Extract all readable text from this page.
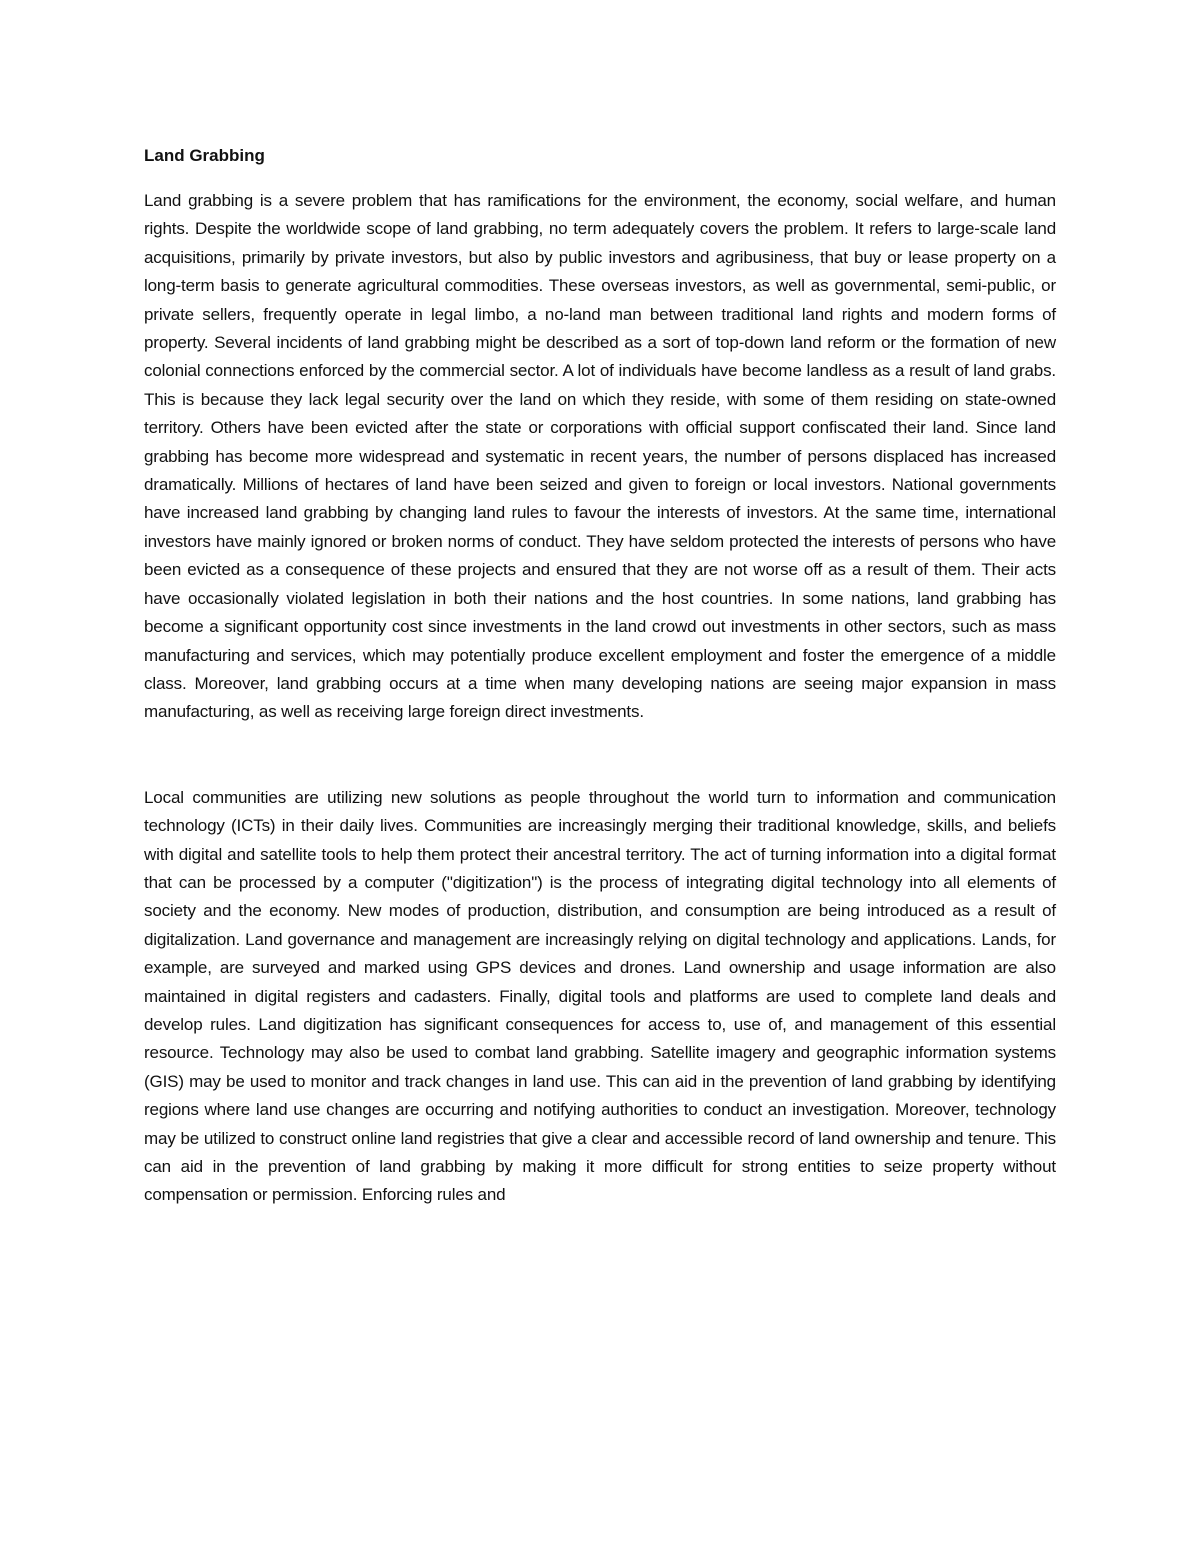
Land Grabbing

Land grabbing is a severe problem that has ramifications for the environment, the economy, social welfare, and human rights. Despite the worldwide scope of land grabbing, no term adequately covers the problem. It refers to large-scale land acquisitions, primarily by private investors, but also by public investors and agribusiness, that buy or lease property on a long-term basis to generate agricultural commodities. These overseas investors, as well as governmental, semi-public, or private sellers, frequently operate in legal limbo, a no-land man between traditional land rights and modern forms of property. Several incidents of land grabbing might be described as a sort of top-down land reform or the formation of new colonial connections enforced by the commercial sector. A lot of individuals have become landless as a result of land grabs. This is because they lack legal security over the land on which they reside, with some of them residing on state-owned territory. Others have been evicted after the state or corporations with official support confiscated their land. Since land grabbing has become more widespread and systematic in recent years, the number of persons displaced has increased dramatically. Millions of hectares of land have been seized and given to foreign or local investors. National governments have increased land grabbing by changing land rules to favour the interests of investors. At the same time, international investors have mainly ignored or broken norms of conduct. They have seldom protected the interests of persons who have been evicted as a consequence of these projects and ensured that they are not worse off as a result of them. Their acts have occasionally violated legislation in both their nations and the host countries. In some nations, land grabbing has become a significant opportunity cost since investments in the land crowd out investments in other sectors, such as mass manufacturing and services, which may potentially produce excellent employment and foster the emergence of a middle class. Moreover, land grabbing occurs at a time when many developing nations are seeing major expansion in mass manufacturing, as well as receiving large foreign direct investments.

Local communities are utilizing new solutions as people throughout the world turn to information and communication technology (ICTs) in their daily lives. Communities are increasingly merging their traditional knowledge, skills, and beliefs with digital and satellite tools to help them protect their ancestral territory. The act of turning information into a digital format that can be processed by a computer ("digitization") is the process of integrating digital technology into all elements of society and the economy. New modes of production, distribution, and consumption are being introduced as a result of digitalization. Land governance and management are increasingly relying on digital technology and applications. Lands, for example, are surveyed and marked using GPS devices and drones. Land ownership and usage information are also maintained in digital registers and cadasters. Finally, digital tools and platforms are used to complete land deals and develop rules. Land digitization has significant consequences for access to, use of, and management of this essential resource. Technology may also be used to combat land grabbing. Satellite imagery and geographic information systems (GIS) may be used to monitor and track changes in land use. This can aid in the prevention of land grabbing by identifying regions where land use changes are occurring and notifying authorities to conduct an investigation. Moreover, technology may be utilized to construct online land registries that give a clear and accessible record of land ownership and tenure. This can aid in the prevention of land grabbing by making it more difficult for strong entities to seize property without compensation or permission. Enforcing rules and
